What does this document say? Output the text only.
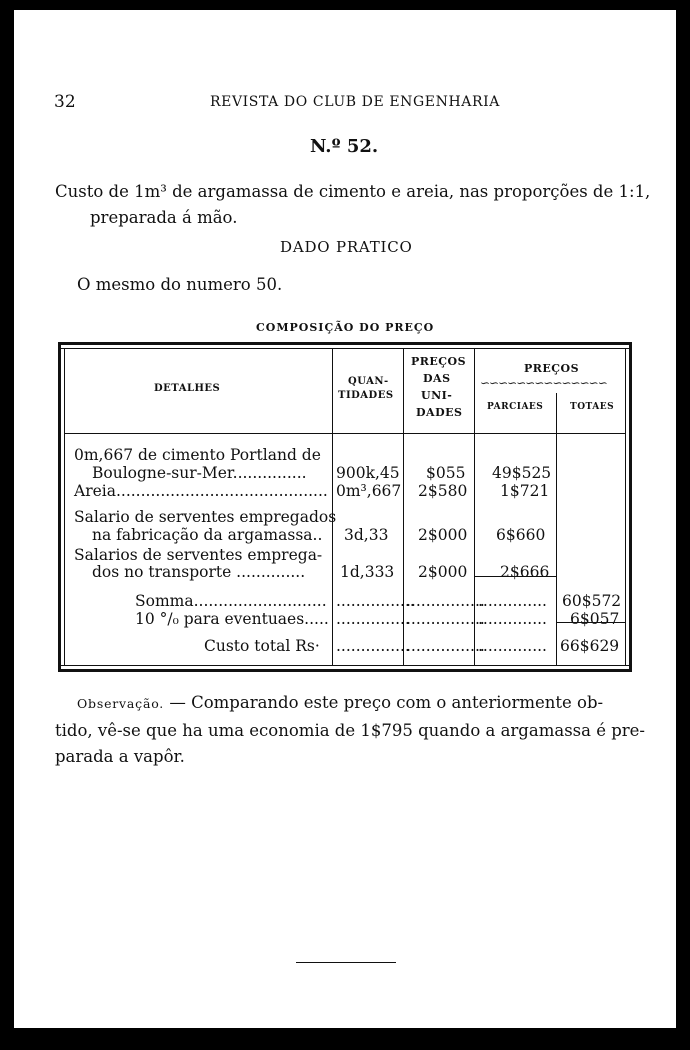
32	REVISTA DO CLUB DE ENGENHARIA
N.º 52.
Custo de 1m³ de argamassa de cimento e areia, nas proporções de 1:1,
preparada á mão.
DADO PRATICO
O mesmo do numero 50.
COMPOSIÇÃO DO PREÇO
DETALHES
QUAN-
TIDADES
PREÇOS
DAS
UNI-
DADES
PREÇOS
∽∽∽∽∽∽∽∽∽∽∽∽∽∽
PARCIAES	TOTAES
0m,667 de cimento Portland de
Boulogne-sur-Mer............... 900k,45 $055 49$525
Areia........................................... 0m³,667 2$580 1$721
Salario de serventes empregados
na fabricação da argamassa.. 3d,33 2$000 6$660
Salarios de serventes emprega-
dos no transporte .............. 1d,333 2$000 2$666
Somma........................... ................
................
.............. 60$572
10 °/₀ para eventuaes..... ...............
................
.............. 6$057
Custo total Rs· ...............
................
.............. 66$629
Observação. — Comparando este preço com o anteriormente ob-
tido, vê-se que ha uma economia de 1$795 quando a argamassa é pre-
parada a vapôr.
